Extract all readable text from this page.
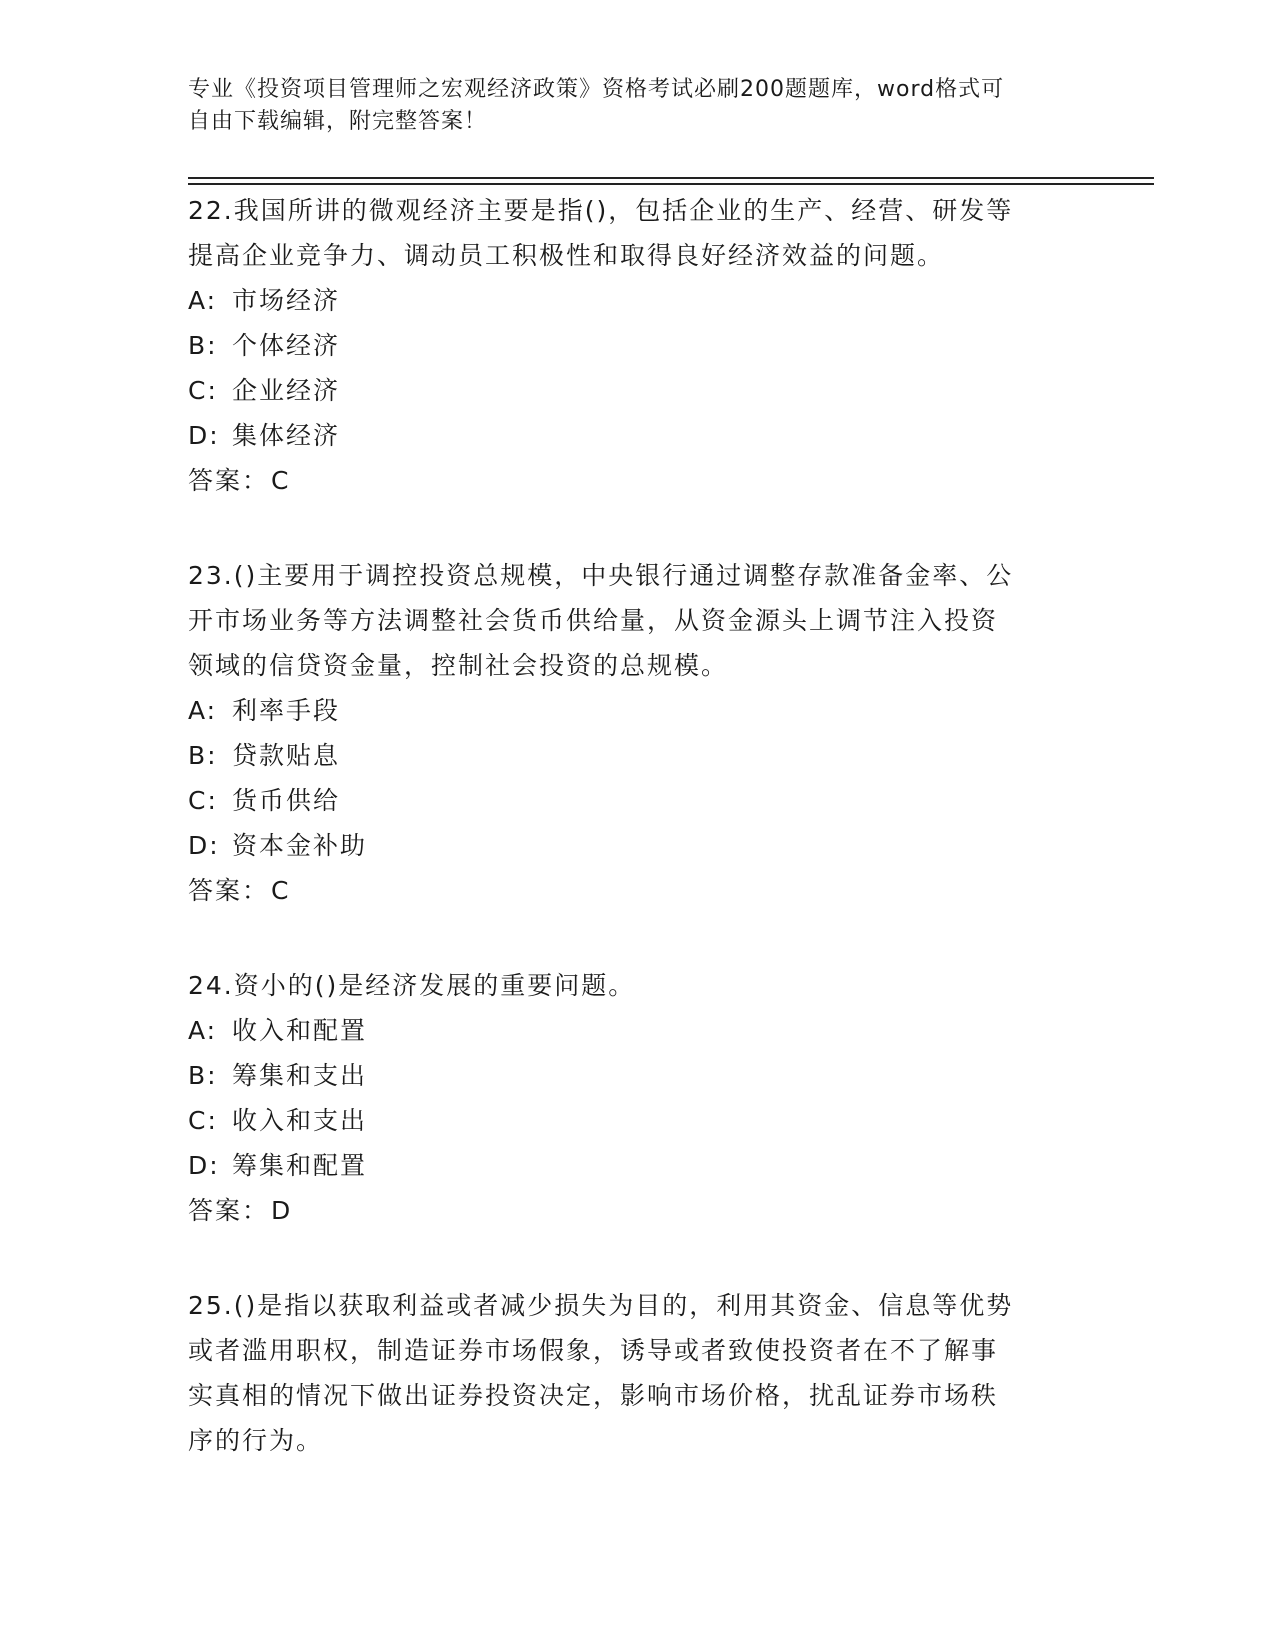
专业《投资项目管理师之宏观经济政策》资格考试必刷200题题库，word格式可
自由下载编辑，附完整答案！
22.我国所讲的微观经济主要是指()，包括企业的生产、经营、研发等
提高企业竞争力、调动员工积极性和取得良好经济效益的问题。
A: 市场经济
B: 个体经济
C: 企业经济
D: 集体经济
答案：C
23.()主要用于调控投资总规模，中央银行通过调整存款准备金率、公
开市场业务等方法调整社会货币供给量，从资金源头上调节注入投资
领域的信贷资金量，控制社会投资的总规模。
A: 利率手段
B: 贷款贴息
C: 货币供给
D: 资本金补助
答案：C
24.资小的()是经济发展的重要问题。
A: 收入和配置
B: 筹集和支出
C: 收入和支出
D: 筹集和配置
答案：D
25.()是指以获取利益或者减少损失为目的，利用其资金、信息等优势
或者滥用职权，制造证券市场假象，诱导或者致使投资者在不了解事
实真相的情况下做出证券投资决定，影响市场价格，扰乱证券市场秩
序的行为。
